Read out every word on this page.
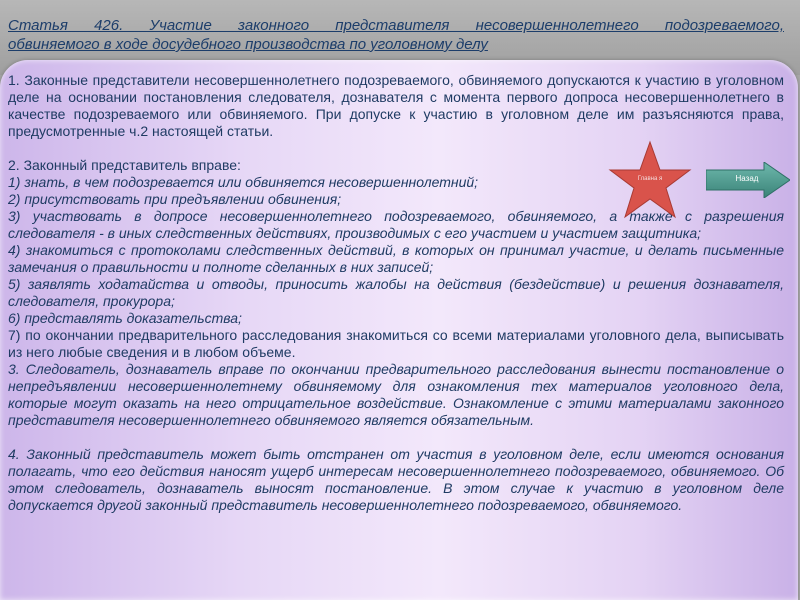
Статья 426. Участие законного представителя несовершеннолетнего подозреваемого,
обвиняемого в ходе досудебного производства по уголовному делу

1. Законные представители несовершеннолетнего подозреваемого, обвиняемого допускаются к участию в уголовном деле на основании постановления следователя, дознавателя с момента первого допроса несовершеннолетнего в качестве подозреваемого или обвиняемого. При допуске к участию в уголовном деле им разъясняются права, предусмотренные ч.2 настоящей статьи.

2. Законный представитель вправе:

1) знать, в чем подозревается или обвиняется несовершеннолетний;

2) присутствовать при предъявлении обвинения;

3) участвовать в допросе несовершеннолетнего подозреваемого, обвиняемого, а также с разрешения следователя - в иных следственных действиях, производимых с его участием и участием защитника;

4) знакомиться с протоколами следственных действий, в которых он принимал участие, и делать письменные замечания о правильности и полноте сделанных в них записей;

5) заявлять ходатайства и отводы, приносить жалобы на действия (бездействие) и решения дознавателя, следователя, прокурора;

6) представлять доказательства;

7) по окончании предварительного расследования знакомиться со всеми материалами уголовного дела, выписывать из него любые сведения и в любом объеме.

3. Следователь, дознаватель вправе по окончании предварительного расследования вынести постановление о непредъявлении несовершеннолетнему обвиняемому для ознакомления тех материалов уголовного дела, которые могут оказать на него отрицательное воздействие. Ознакомление с этими материалами законного представителя несовершеннолетнего обвиняемого является обязательным.

4. Законный представитель может быть отстранен от участия в уголовном деле, если имеются основания полагать, что его действия наносят ущерб интересам несовершеннолетнего подозреваемого, обвиняемого. Об этом следователь, дознаватель выносят постановление. В этом случае к участию в уголовном деле допускается другой законный представитель несовершеннолетнего подозреваемого, обвиняемого.

Главна я	Назад
